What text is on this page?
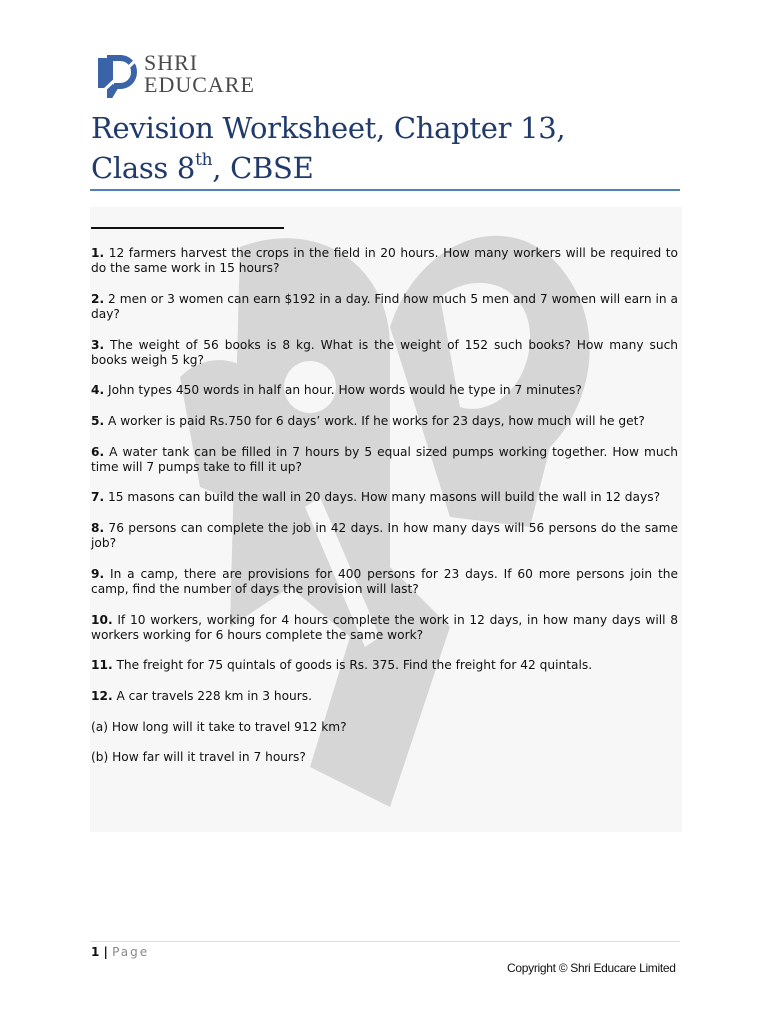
SHRI
EDUCARE
Revision Worksheet, Chapter 13,
Class 8th, CBSE

1. 12 farmers harvest the crops in the field in 20 hours. How many workers will be required to do the same work in 15 hours?

2. 2 men or 3 women can earn $192 in a day. Find how much 5 men and 7 women will earn in a day?

3. The weight of 56 books is 8 kg. What is the weight of 152 such books? How many such books weigh 5 kg?

4. John types 450 words in half an hour. How words would he type in 7 minutes?

5. A worker is paid Rs.750 for 6 days’ work. If he works for 23 days, how much will he get?

6. A water tank can be filled in 7 hours by 5 equal sized pumps working together. How much time will 7 pumps take to fill it up?

7. 15 masons can build the wall in 20 days. How many masons will build the wall in 12 days?

8. 76 persons can complete the job in 42 days. In how many days will 56 persons do the same job?

9. In a camp, there are provisions for 400 persons for 23 days. If 60 more persons join the camp, find the number of days the provision will last?

10. If 10 workers, working for 4 hours complete the work in 12 days, in how many days will 8 workers working for 6 hours complete the same work?

11. The freight for 75 quintals of goods is Rs. 375. Find the freight for 42 quintals.

12. A car travels 228 km in 3 hours.

(a) How long will it take to travel 912 km?

(b) How far will it travel in 7 hours?

1 | Page
Copyright © Shri Educare Limited
